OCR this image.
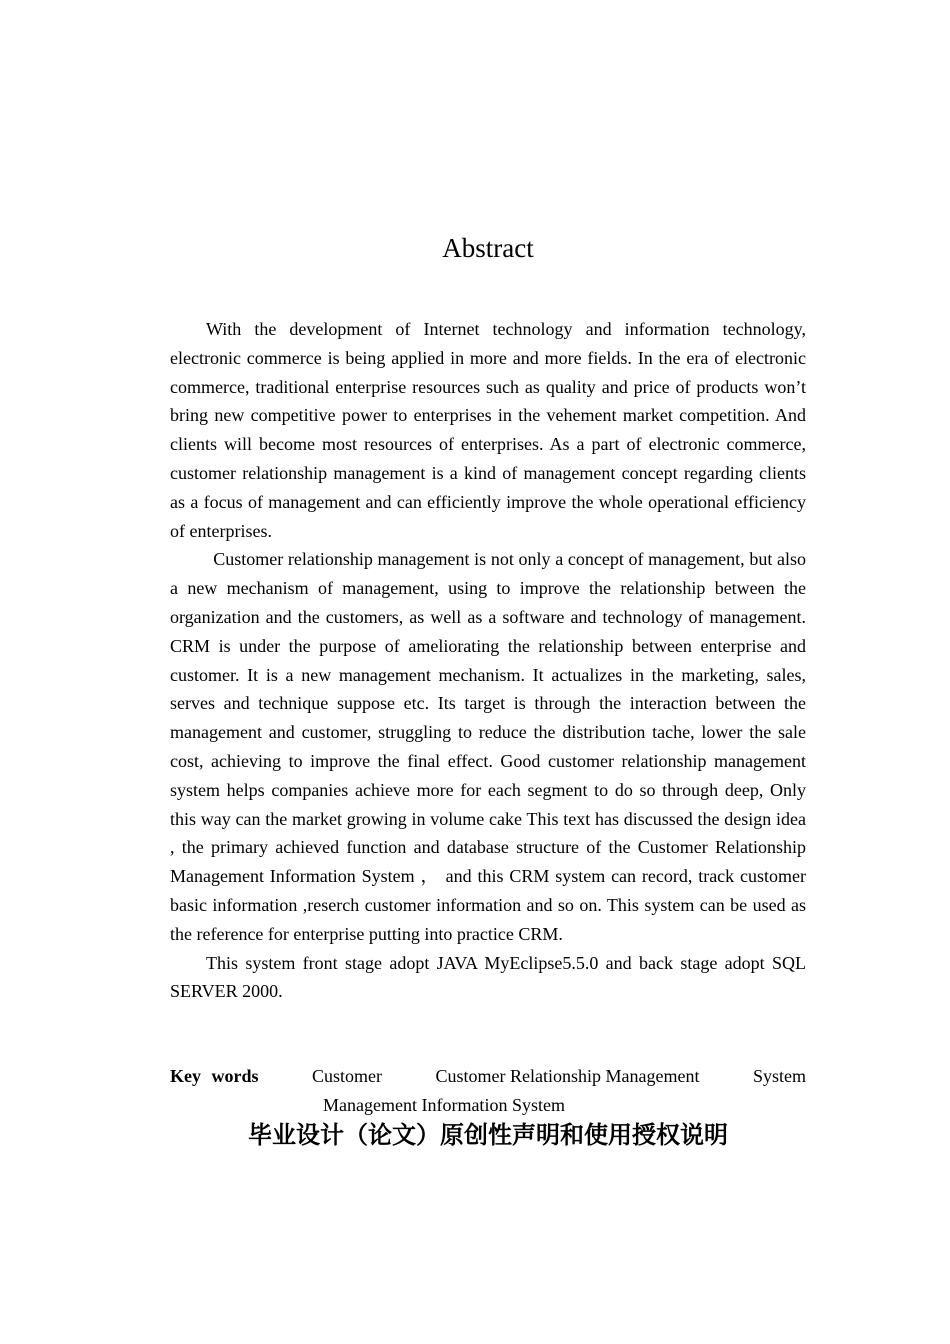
Abstract

With the development of Internet technology and information technology, electronic commerce is being applied in more and more fields. In the era of electronic commerce, traditional enterprise resources such as quality and price of products won’t bring new competitive power to enterprises in the vehement market competition. And clients will become most resources of enterprises. As a part of electronic commerce, customer relationship management is a kind of management concept regarding clients as a focus of management and can efficiently improve the whole operational efficiency of enterprises.

Customer relationship management is not only a concept of management, but also a new mechanism of management, using to improve the relationship between the organization and the customers, as well as a software and technology of management. CRM is under the purpose of ameliorating the relationship between enterprise and customer. It is a new management mechanism. It actualizes in the marketing, sales, serves and technique suppose etc. Its target is through the interaction between the management and customer, struggling to reduce the distribution tache, lower the sale cost, achieving to improve the final effect. Good customer relationship management system helps companies achieve more for each segment to do so through deep, Only this way can the market growing in volume cake This text has discussed the design idea , the primary achieved function and database structure of the Customer Relationship Management Information System ， and this CRM system can record, track customer basic information ,reserch customer information and so on. This system can be used as the reference for enterprise putting into practice CRM.

This system front stage adopt JAVA MyEclipse5.5.0 and back stage adopt SQL SERVER 2000.

Key words	Customer	Customer Relationship Management	System
Management Information System
毕业设计（论文）原创性声明和使用授权说明
